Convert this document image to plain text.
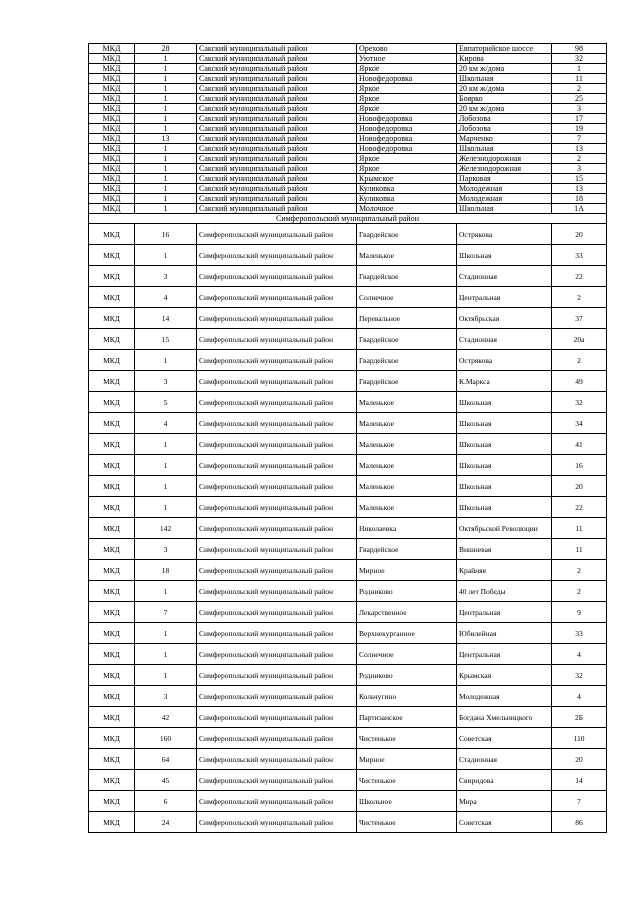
МКД	28	Сакский муниципальный район	Орехово	Евпаторийское шоссе	98
МКД	1	Сакский муниципальный район	Уютное	Кирова	32
МКД	1	Сакский муниципальный район	Яркое	20 км ж/дома	1
МКД	1	Сакский муниципальный район	Новофедоровка	Школьная	11
МКД	1	Сакский муниципальный район	Яркое	20 км ж/дома	2
МКД	1	Сакский муниципальный район	Яркое	Боярко	25
МКД	1	Сакский муниципальный район	Яркое	20 км ж/дома	3
МКД	1	Сакский муниципальный район	Новофедоровка	Лобозова	17
МКД	1	Сакский муниципальный район	Новофедоровка	Лобозова	19
МКД	13	Сакский муниципальный район	Новофедоровка	Марченко	7
МКД	1	Сакский муниципальный район	Новофедоровка	Школьная	13
МКД	1	Сакский муниципальный район	Яркое	Железнодорожная	2
МКД	1	Сакский муниципальный район	Яркое	Железнодорожная	3
МКД	1	Сакский муниципальный район	Крымское	Парковая	15
МКД	1	Сакский муниципальный район	Куликовка	Молодежная	13
МКД	1	Сакский муниципальный район	Куликовка	Молодежная	18
МКД	1	Сакский муниципальный район	Молочное	Школьная	1А
Симферопольский муниципальный район					
МКД	16	Симферопольский муниципальный район	Гвардейское	Острякова	20
МКД	1	Симферопольский муниципальный район	Маленькое	Школьная	33
МКД	3	Симферопольский муниципальный район	Гвардейское	Стадионная	22
МКД	4	Симферопольский муниципальный район	Солнечное	Центральная	2
МКД	14	Симферопольский муниципальный район	Перевальное	Октябрьская	37
МКД	15	Симферопольский муниципальный район	Гвардейское	Стадионная	20а
МКД	1	Симферопольский муниципальный район	Гвардейское	Острякова	2
МКД	3	Симферопольский муниципальный район	Гвардейское	К.Маркса	49
МКД	5	Симферопольский муниципальный район	Маленькое	Школьная	32
МКД	4	Симферопольский муниципальный район	Маленькое	Школьная	34
МКД	1	Симферопольский муниципальный район	Маленькое	Школьная	41
МКД	1	Симферопольский муниципальный район	Маленькое	Школьная	16
МКД	1	Симферопольский муниципальный район	Маленькое	Школьная	20
МКД	1	Симферопольский муниципальный район	Маленькое	Школьная	22
МКД	142	Симферопольский муниципальный район	Николаевка	Октябрьской Революции	11
МКД	3	Симферопольский муниципальный район	Гвардейское	Вишневая	11
МКД	18	Симферопольский муниципальный район	Мирное	Крайняя	2
МКД	1	Симферопольский муниципальный район	Родниково	40 лет Победы	2
МКД	7	Симферопольский муниципальный район	Лекарственное	Центральная	9
МКД	1	Симферопольский муниципальный район	Верхнекурганное	Юбилейная	33
МКД	1	Симферопольский муниципальный район	Солнечное	Центральная	4
МКД	1	Симферопольский муниципальный район	Родниково	Крымская	32
МКД	3	Симферопольский муниципальный район	Кольчугино	Молодежная	4
МКД	42	Симферопольский муниципальный район	Партизанское	Богдана Хмельницкого	2Б
МКД	160	Симферопольский муниципальный район	Чистенькое	Советская	110
МКД	64	Симферопольский муниципальный район	Мирное	Стадионная	20
МКД	45	Симферопольский муниципальный район	Чистенькое	Свиридова	14
МКД	6	Симферопольский муниципальный район	Школьное	Мира	7
МКД	24	Симферопольский муниципальный район	Чистенькое	Советская	86
